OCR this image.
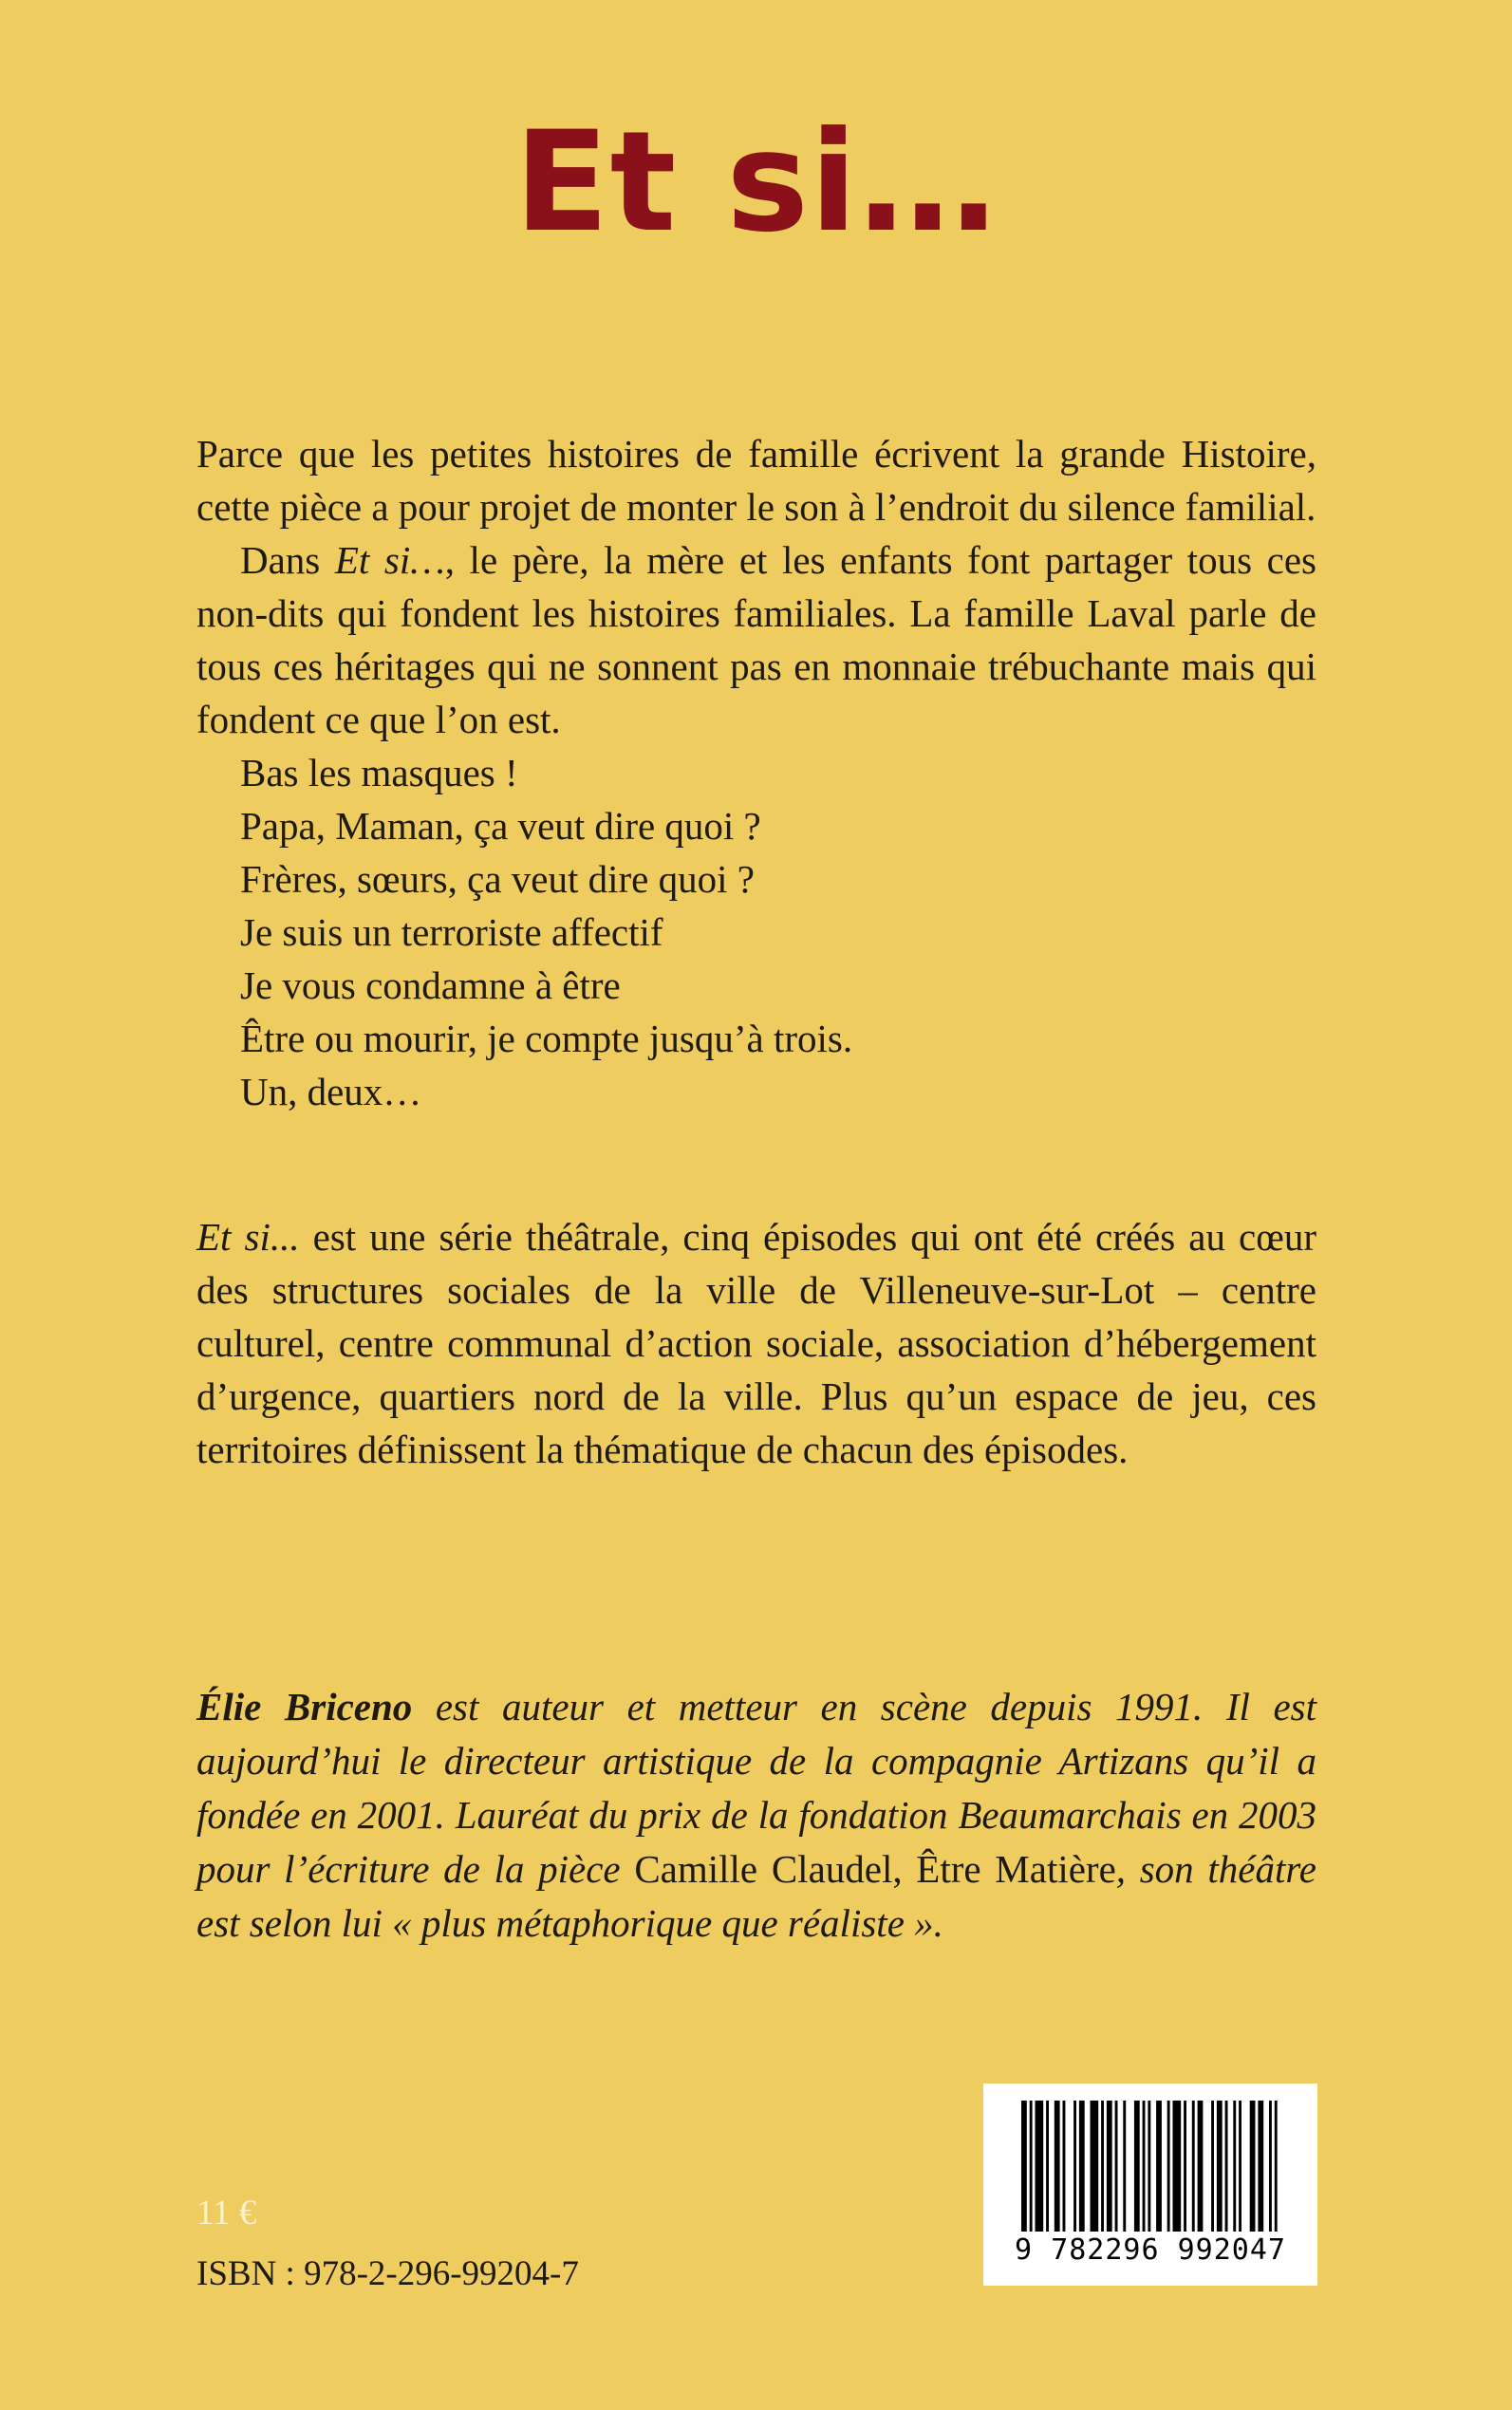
Et si…

Parce que les petites histoires de famille écrivent la grande Histoire, cette pièce a pour projet de monter le son à l’endroit du silence familial.

Dans Et si…, le père, la mère et les enfants font partager tous ces non-dits qui fondent les histoires familiales. La famille Laval parle de tous ces héritages qui ne sonnent pas en monnaie trébuchante mais qui fondent ce que l’on est.

Bas les masques !

Papa, Maman, ça veut dire quoi ?

Frères, sœurs, ça veut dire quoi ?

Je suis un terroriste affectif

Je vous condamne à être

Être ou mourir, je compte jusqu’à trois.

Un, deux…

Et si... est une série théâtrale, cinq épisodes qui ont été créés au cœur des structures sociales de la ville de Villeneuve-sur-Lot – centre culturel, centre communal d’action sociale, association d’hébergement d’urgence, quartiers nord de la ville. Plus qu’un espace de jeu, ces territoires définissent la thématique de chacun des épisodes.

Élie Briceno est auteur et metteur en scène depuis 1991. Il est aujourd’hui le directeur artistique de la compagnie Artizans qu’il a fondée en 2001. Lauréat du prix de la fondation Beaumarchais en 2003 pour l’écriture de la pièce Camille Claudel, Être Matière, son théâtre est selon lui « plus métaphorique que réaliste ».

11 €
ISBN : 978-2-296-99204-7
9 782296 992047
